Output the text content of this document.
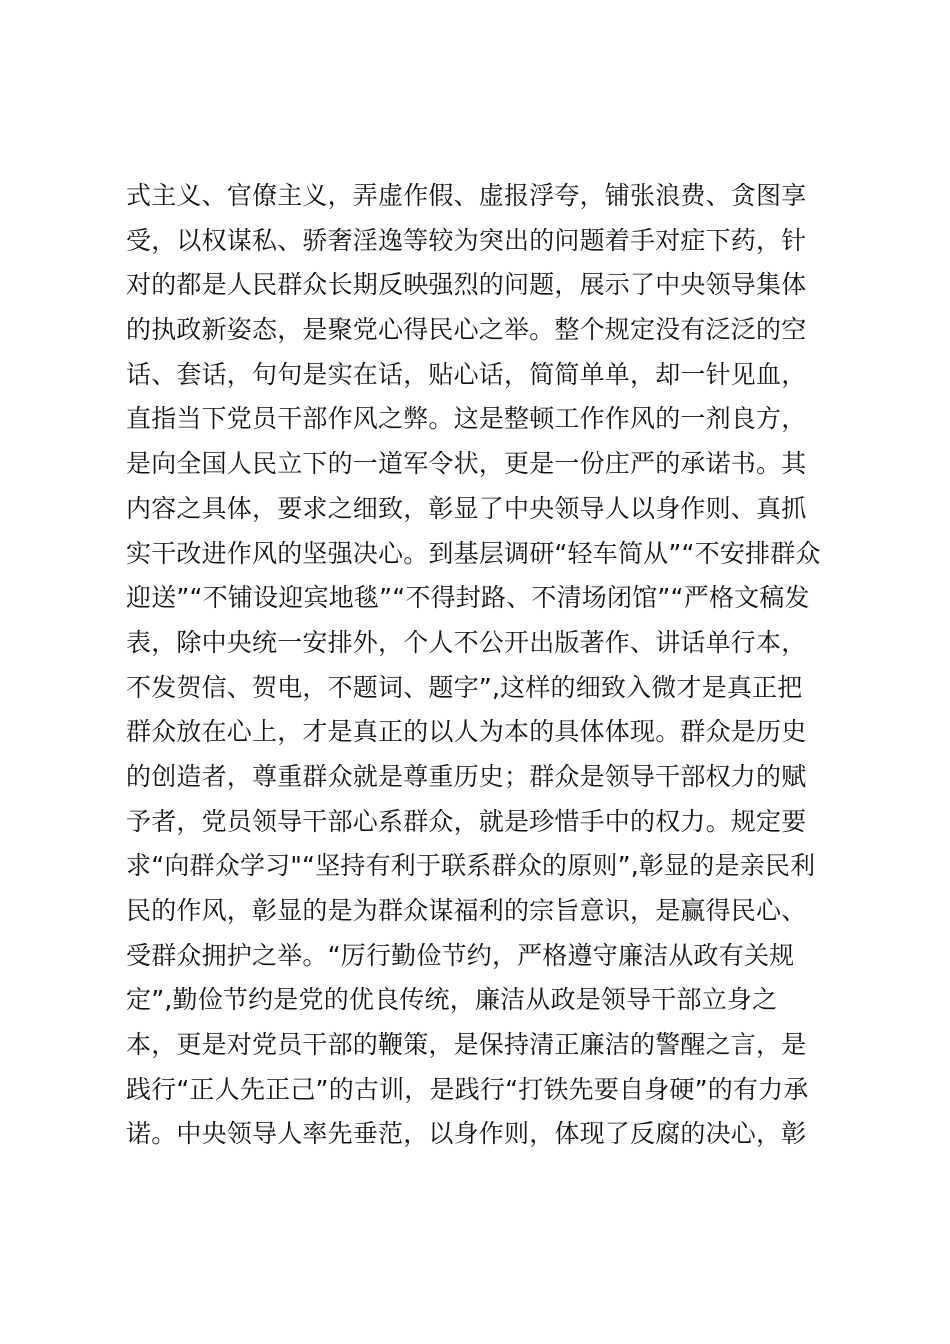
式主义、官僚主义，弄虚作假、虚报浮夸，铺张浪费、贪图享
受，以权谋私、骄奢淫逸等较为突出的问题着手对症下药，针
对的都是人民群众长期反映强烈的问题，展示了中央领导集体
的执政新姿态，是聚党心得民心之举。整个规定没有泛泛的空
话、套话，句句是实在话，贴心话，简简单单，却一针见血，
直指当下党员干部作风之弊。这是整顿工作作风的一剂良方，
是向全国人民立下的一道军令状，更是一份庄严的承诺书。其
内容之具体，要求之细致，彰显了中央领导人以身作则、真抓
实干改进作风的坚强决心。到基层调研“轻车简从”“不安排群众
迎送”“不铺设迎宾地毯”“不得封路、不清场闭馆”“严格文稿发
表，除中央统一安排外，个人不公开出版著作、讲话单行本，
不发贺信、贺电，不题词、题字”,这样的细致入微才是真正把
群众放在心上，才是真正的以人为本的具体体现。群众是历史
的创造者，尊重群众就是尊重历史；群众是领导干部权力的赋
予者，党员领导干部心系群众，就是珍惜手中的权力。规定要
求“向群众学习"“坚持有利于联系群众的原则”,彰显的是亲民利
民的作风，彰显的是为群众谋福利的宗旨意识，是赢得民心、
受群众拥护之举。“厉行勤俭节约，严格遵守廉洁从政有关规
定”,勤俭节约是党的优良传统，廉洁从政是领导干部立身之
本，更是对党员干部的鞭策，是保持清正廉洁的警醒之言，是
践行“正人先正己”的古训，是践行“打铁先要自身硬”的有力承
诺。中央领导人率先垂范，以身作则，体现了反腐的决心，彰
